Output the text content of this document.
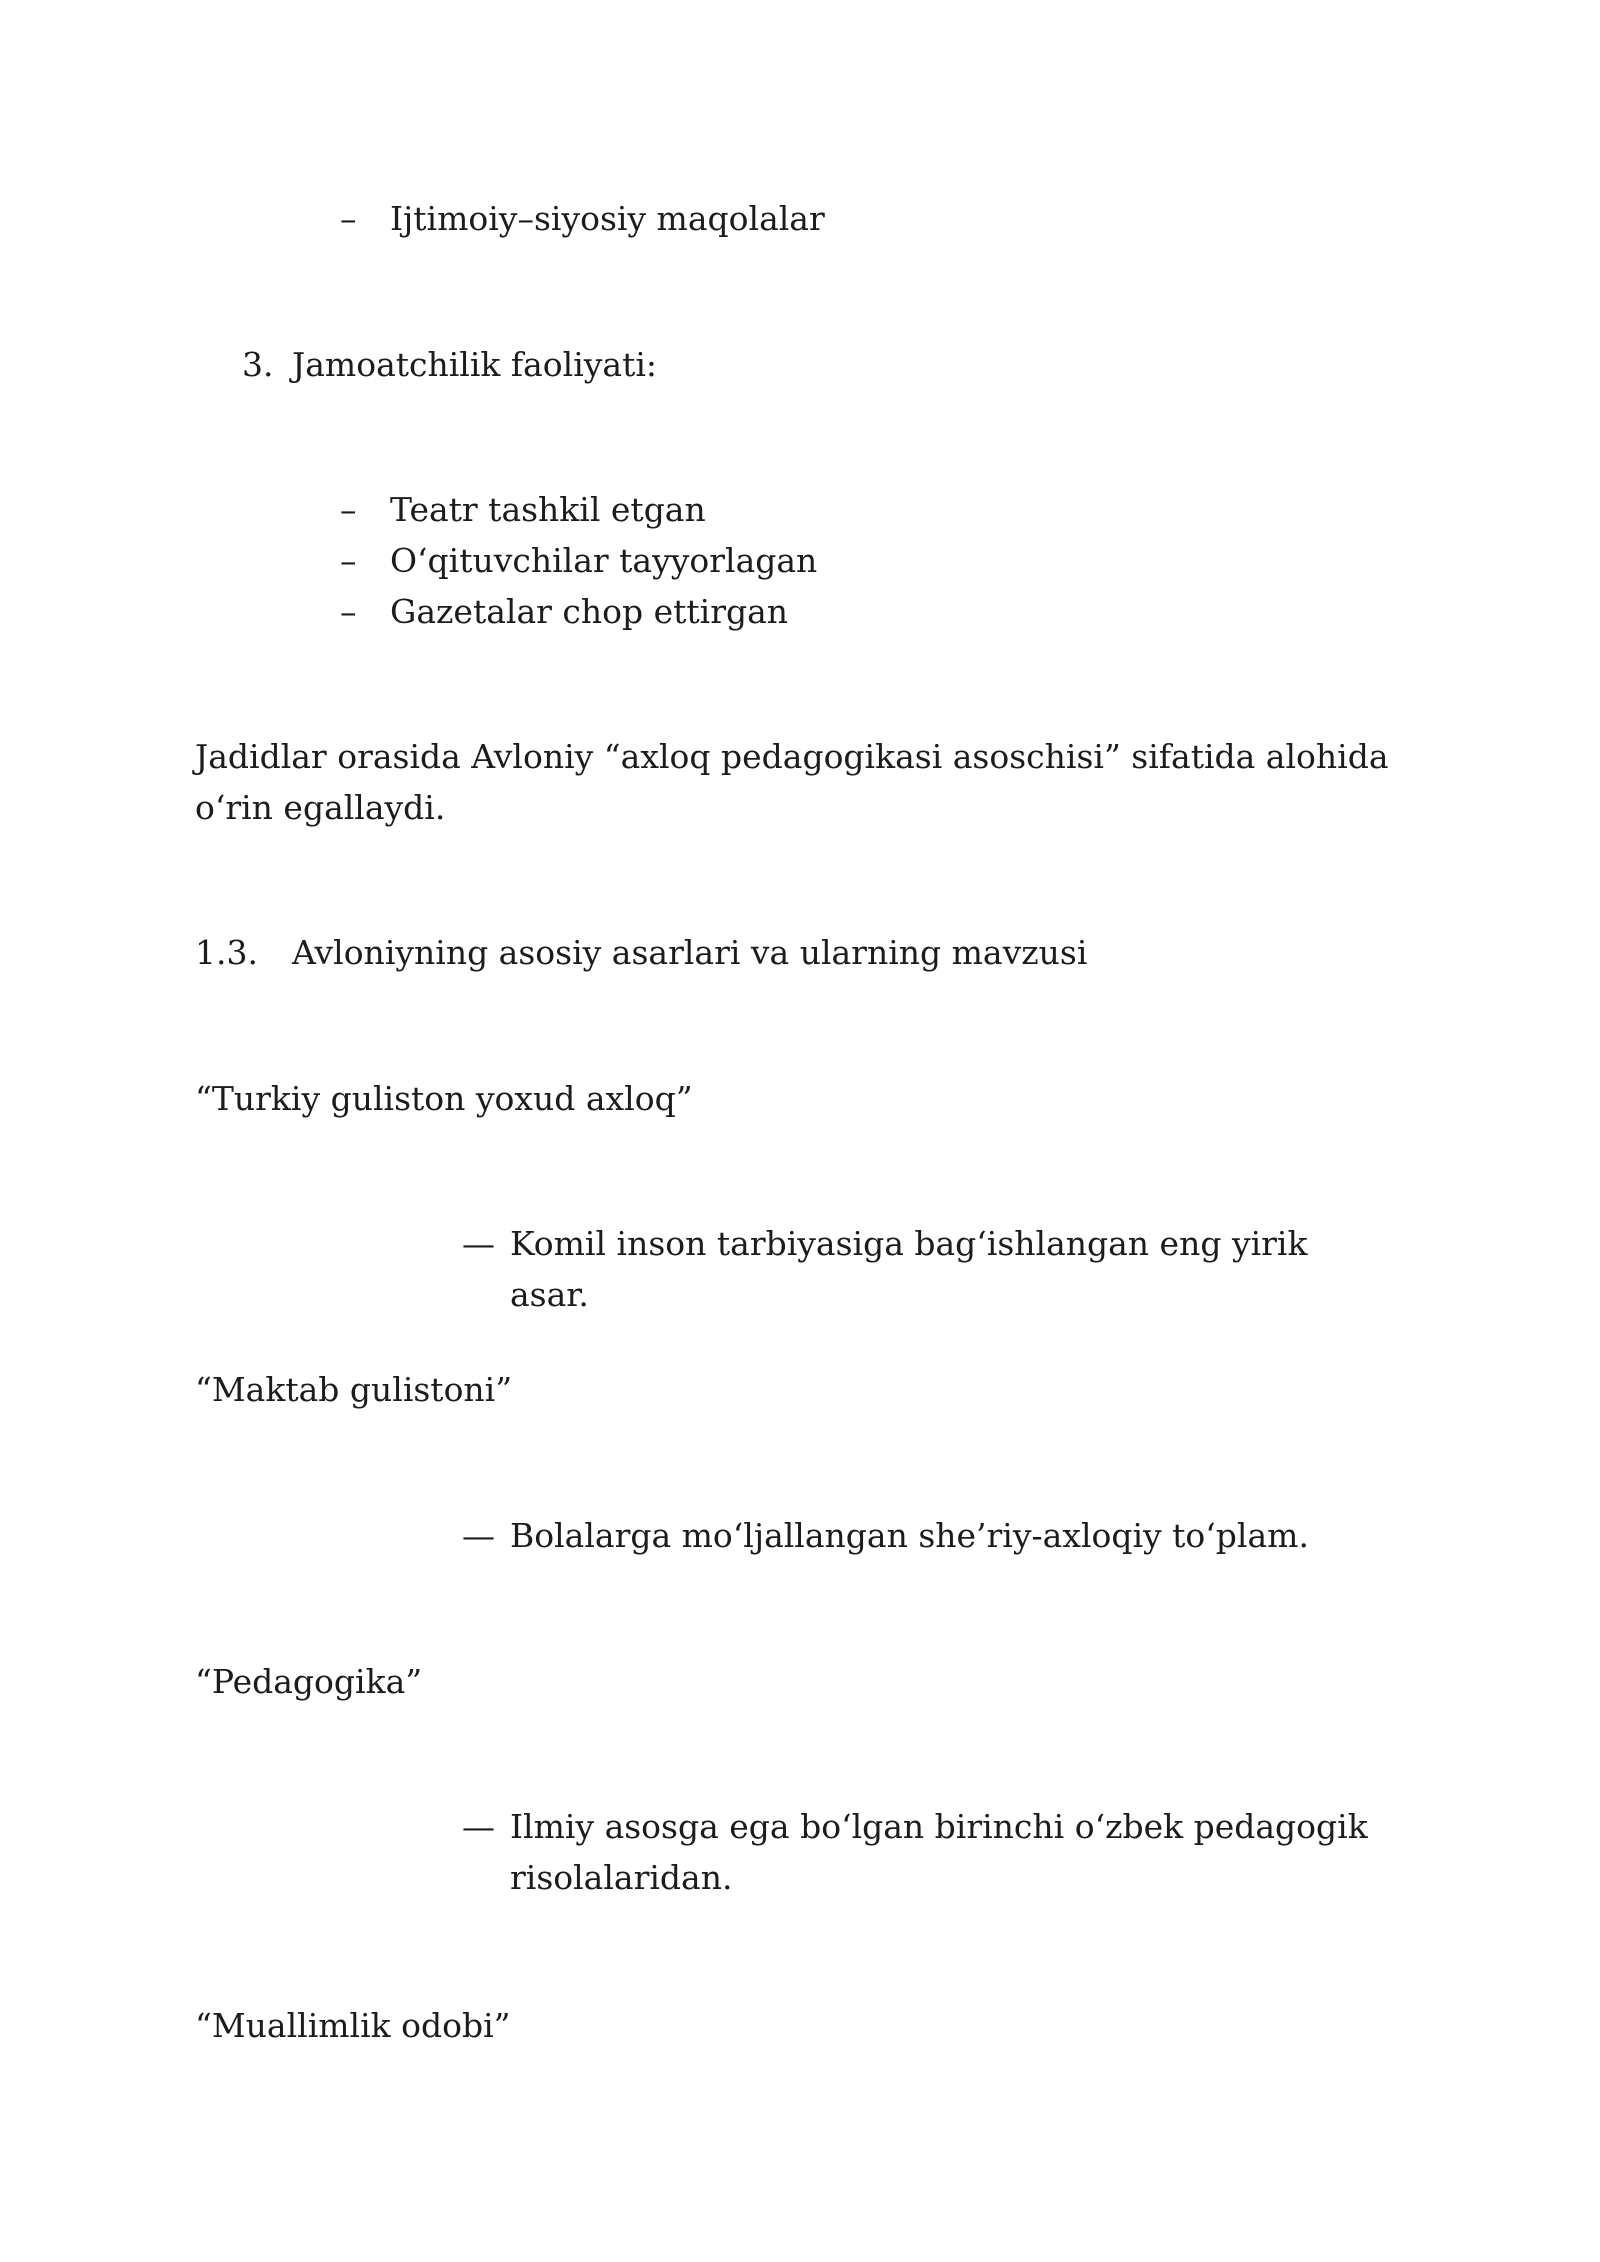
– Ijtimoiy–siyosiy maqolalar
3. Jamoatchilik faoliyati:
– Teatr tashkil etgan
– O‘qituvchilar tayyorlagan
– Gazetalar chop ettirgan
Jadidlar orasida Avloniy “axloq pedagogikasi asoschisi” sifatida alohida o‘rin egallaydi.
1.3. Avloniyning asosiy asarlari va ularning mavzusi
“Turkiy guliston yoxud axloq”
— Komil inson tarbiyasiga bag‘ishlangan eng yirik asar.
“Maktab gulistoni”
— Bolalarga mo‘ljallangan she’riy-axloqiy to‘plam.
“Pedagogika”
— Ilmiy asosga ega bo‘lgan birinchi o‘zbek pedagogik risolalaridan.
“Muallimlik odobi”
